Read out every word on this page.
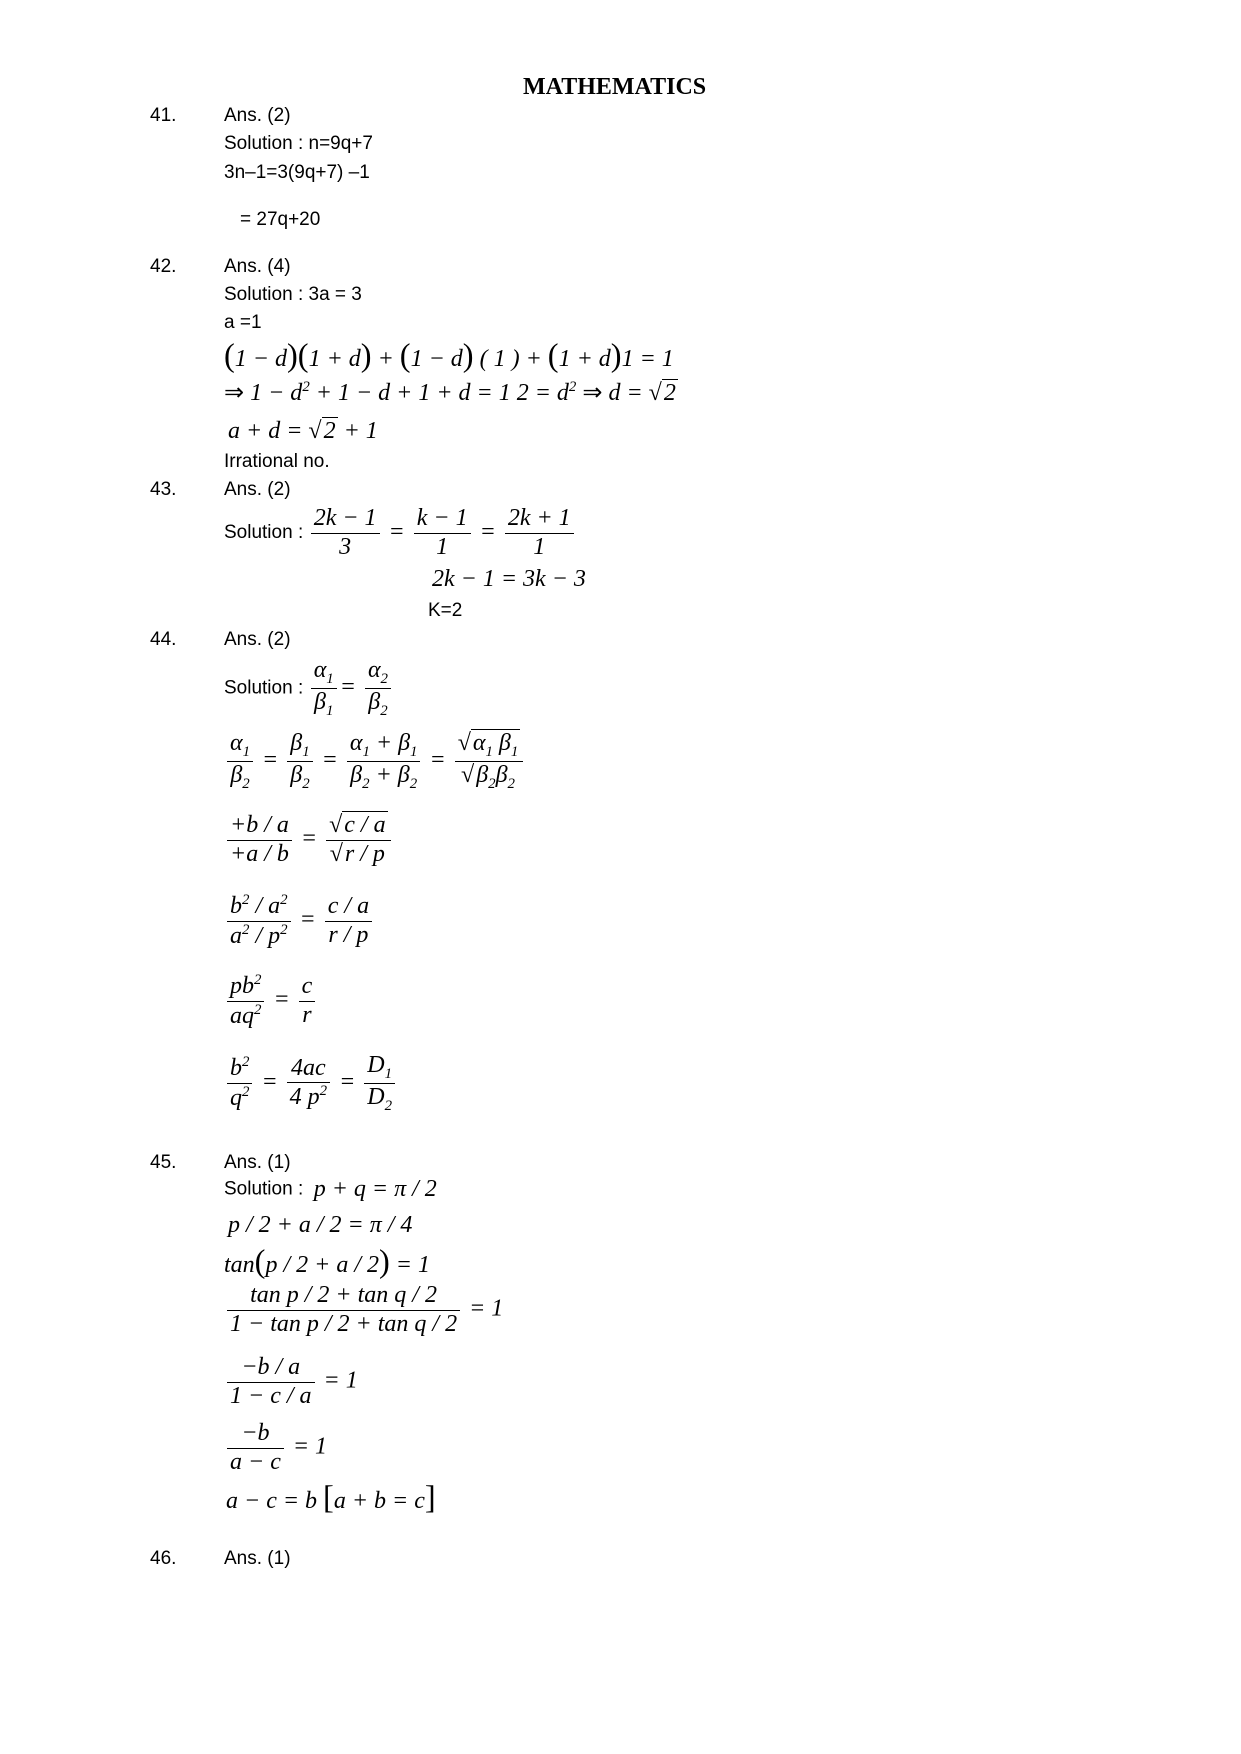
MATHEMATICS
41.	Ans. (2)
Solution : n=9q+7
3n–1=3(9q+7) –1
= 27q+20
42.	Ans. (4)
Solution : 3a = 3
a =1
(1 − d)(1 + d) + (1 − d) ( 1 ) + (1 + d)1 = 1
⇒ $1 - d^2 + 1 - d + 1 + d = 1$ $2 = d^2$ ⇒ d = √2
a + d = √2 + 1
Irrational no.
43.	Ans. (2)
Solution : $\frac{2k - 1}{3} = \frac{k - 1}{1} = \frac{2k + 1}{1}$
2k − 1 = 3k − 3
K=2
44.	Ans. (2)
Solution : $\frac{\alpha_1}{\beta_1} = \frac{\alpha_2}{\beta_2}$
$\frac{\alpha_1}{\beta_2} = \frac{\beta_1}{\beta_2} = \frac{\alpha_1 + \beta_1}{\beta_2 + \beta_2} = \frac{√\alpha_1 \beta_1}{√\beta_2\beta_2}$
$\frac{+b / a}{+a / b} = \frac{√c / a}{√r / p}$
$\frac{b^2 / a^2}{a^2 / p^2} = \frac{c / a}{r / p}$
$\frac{pb^2}{aq^2} = \frac{c}{r}$
$\frac{b^2}{q^2} = \frac{4ac}{4 p^2} = \frac{D_1}{D_2}$
45.	Ans. (1)
Solution :  p + q = π / 2
p / 2 + a / 2 = π / 4
tan(p / 2 + a / 2) = 1
$\frac{\text{tan p / 2 + tan q / 2}}{\text{1 − tan p / 2 + tan q / 2}} = 1$
$\frac{-b / a}{1 - c / a} = 1$
$\frac{-b}{a - c} = 1$
a − c = b [a + b = c]
46.	Ans. (1)
